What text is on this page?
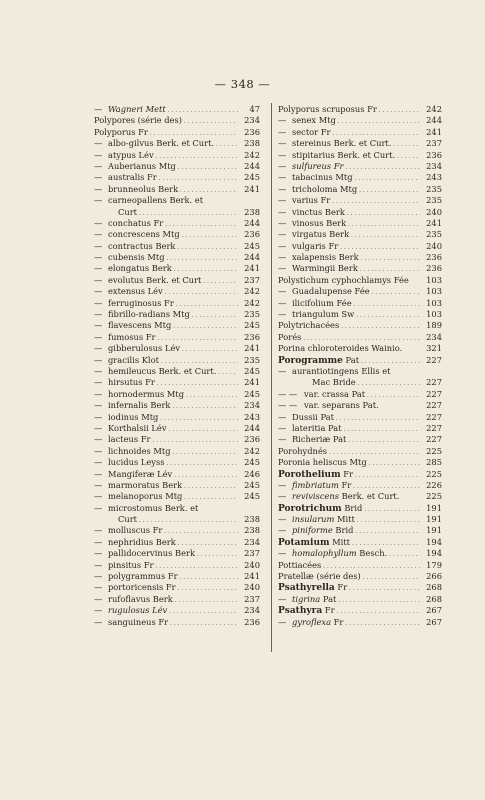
— 348 —
— Wagneri Mett . . .	47
Polypores (série des) . . .	234
Polyporus Fr . . .	236
— albo-gilvus Berk. et Curt. . . .	238
— atypus Lév . . .	242
— Auberianus Mtg . . .	244
— australis Fr . . .	245
— brunneolus Berk . . .	241
— carneopallens Berk. et
Curt . . .	238
— conchatus Fr . . .	244
— concrescens Mtg . . .	236
— contractus Berk . . .	245
— cubensis Mtg . . .	244
— elongatus Berk . . .	241
— evolutus Berk. et Curt . . .	237
— extensus Lév . . .	242
— ferruginosus Fr . . .	242
— fibrillo-radians Mtg . . .	235
— flavescens Mtg . . .	245
— fumosus Fr . . .	236
— gibberulosus Lév . . .	241
— gracilis Klot . . .	235
— hemileucus Berk. et Curt. . . .	245
— hirsutus Fr . . .	241
— hornodermus Mtg . . .	245
— infernalis Berk . . .	234
— iodinus Mtg . . .	243
— Korthalsii Lév . . .	244
— lacteus Fr . . .	236
— lichnoides Mtg . . .	242
— lucidus Leyss . . .	245
— Mangiferæ Lév . . .	246
— marmoratus Berk . . .	245
— melanoporus Mtg . . .	245
— microstomus Berk. et
Curt . . .	238
— molluscus Fr . . .	238
— nephridius Berk . . .	234
— pallidocervinus Berk . . .	237
— pinsitus Fr . . .	240
— polygrammus Fr . . .	241
— portoricensis Fr . . .	240
— rufoflavus Berk . . .	237
— rugulosus Lév . . .	234
— sanguineus Fr . . .	236
Polyporus scruposus Fr . . .	242
— senex Mtg . . .	244
— sector Fr . . .	241
— stereinus Berk. et Curt. . . .	237
— stipitarius Berk. et Curt. . . .	236
— sulfureus Fr . . .	234
— tabacinus Mtg . . .	243
— tricholoma Mtg . . .	235
— varius Fr . . .	235
— vinctus Berk . . .	240
— vinosus Berk . . .	241
— virgatus Berk . . .	235
— vulgaris Fr . . .	240
— xalapensis Berk . . .	236
— Warmingii Berk . . .	236
Polystichum cyphochlamys Fée	103
— Guadalupense Fée . . .	103
— ilicifolium Fée . . .	103
— triangulum Sw . . .	103
Polytrichacées . . .	189
Porés . . .	234
Porina chloroteroides Wainio.	321
Porogramme Pat . . .	227
— aurantiotingens Ellis et
Mac Bride . . .	227
— — var. crassa Pat . . .	227
— — var. separans Pat.	227
— Dussii Pat . . .	227
— lateritia Pat . . .	227
— Richeriæ Pat . . .	227
Porohydnés . . .	225
Poronia heliscus Mtg . . .	285
Porothelium Fr . . .	225
— fimbriatum Fr . . .	226
— reviviscens Berk. et Curt.	225
Porotrichum Brid . . .	191
— insularum Mitt . . .	191
— piniforme Brid . . .	191
Potamium Mitt . . .	194
— homalophyllum Besch. . . .	194
Pottiacées . . .	179
Pratellæ (série des) . . .	266
Psathyrella Fr . . .	268
— tigrina Pat . . .	268
Psathyra Fr . . .	267
— gyroflexa Fr . . .	267
